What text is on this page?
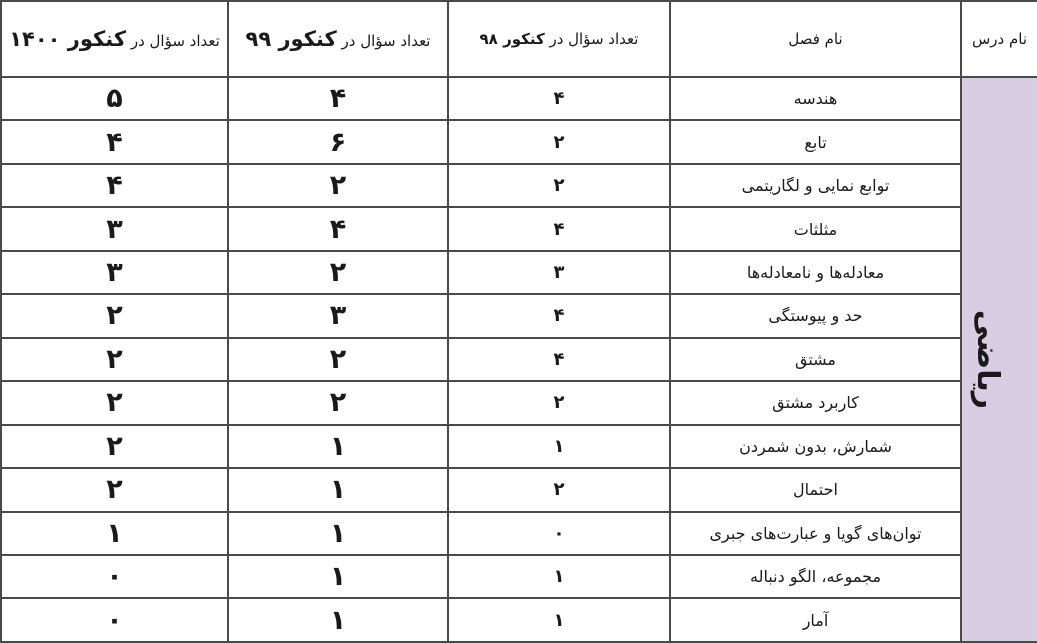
نام درس	نام فصل	تعداد سؤال در کنکور ۹۸	تعداد سؤال در کنکور ۹۹	تعداد سؤال در کنکور ۱۴۰۰
ریاضی	هندسه	۴	۴	۵
	تابع	۲	۶	۴
	توابع نمایی و لگاریتمی	۲	۲	۴
	مثلثات	۴	۴	۳
	معادله‌ها و نامعادله‌ها	۳	۲	۳
	حد و پیوستگی	۴	۳	۲
	مشتق	۴	۲	۲
	کاربرد مشتق	۲	۲	۲
	شمارش، بدون شمردن	۱	۱	۲
	احتمال	۲	۱	۲
	توان‌های گویا و عبارت‌های جبری	۰	۱	۱
	مجموعه، الگو دنباله	۱	۱	۰
	آمار	۱	۱	۰
